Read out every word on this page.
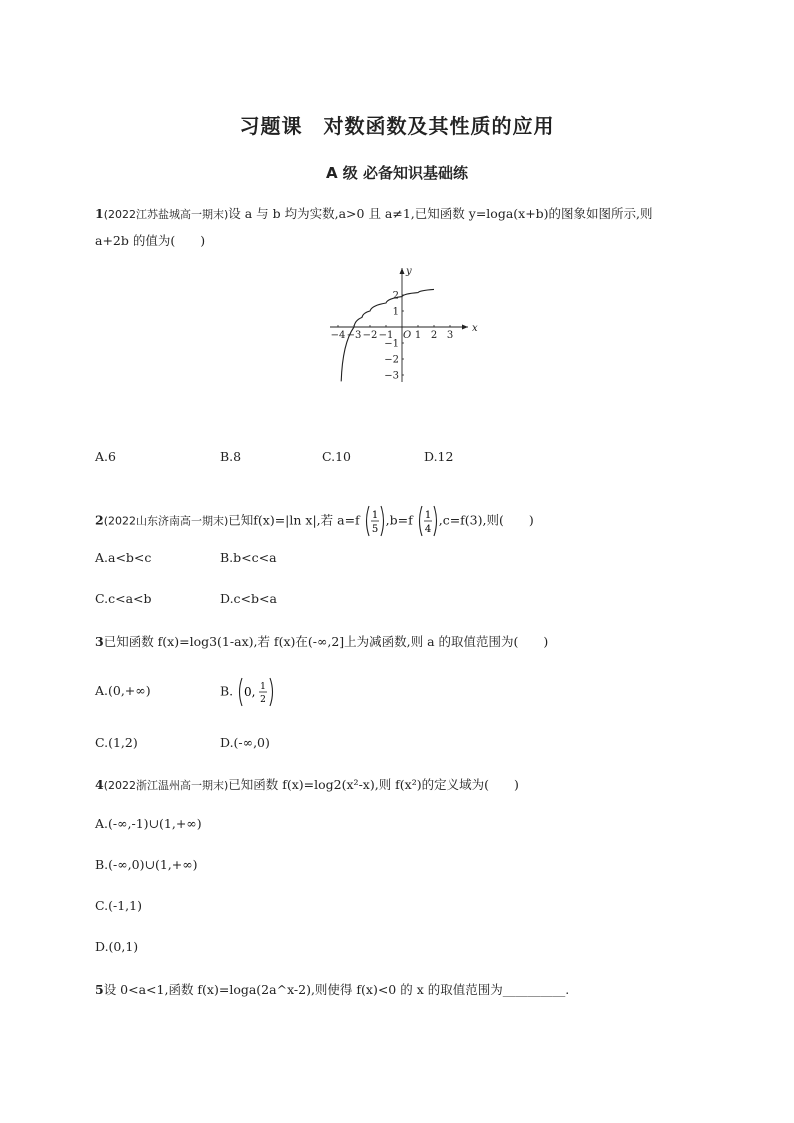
习题课　对数函数及其性质的应用
A 级 必备知识基础练
1(2022江苏盐城高一期末)设 a 与 b 均为实数,a>0 且 a≠1,已知函数 y=loga(x+b)的图象如图所示,则
a+2b 的值为(　　)
x
y
O
−4 −3 −2 −1 1 2 3
2
1
−1
−2
−3
A.6	B.8	C.10	D.12
2(2022山东济南高一期末)已知f(x)=|ln x|,若 a=f 1
5
,b=f 1
4
,c=f(3),则(　　)
A.a<b<c	B.b<c<a
C.c<a<b	D.c<b<a
3已知函数 f(x)=log3(1-ax),若 f(x)在(-∞,2]上为减函数,则 a 的取值范围为(　　)
A.(0,+∞)	B. 0, 1
2
C.(1,2)	D.(-∞,0)
4(2022浙江温州高一期末)已知函数 f(x)=log2(x²-x),则 f(x²)的定义域为(　　)
A.(-∞,-1)∪(1,+∞)
B.(-∞,0)∪(1,+∞)
C.(-1,1)
D.(0,1)
5设 0<a<1,函数 f(x)=loga(2a^x-2),则使得 f(x)<0 的 x 的取值范围为__________.
